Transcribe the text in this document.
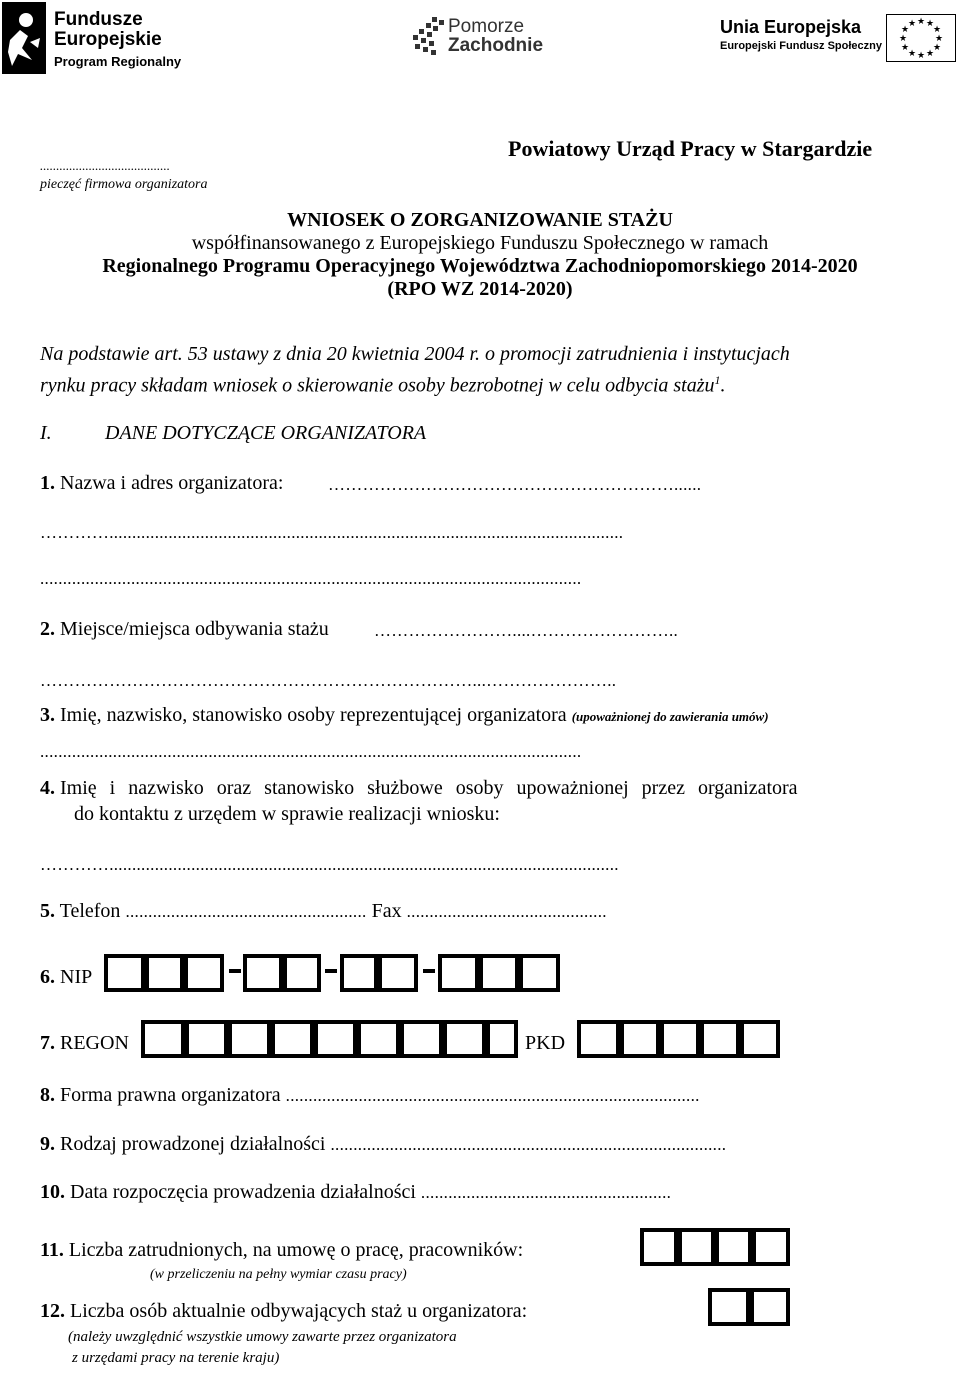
Fundusze
Europejskie
Program Regionalny
Pomorze
Zachodnie
Unia Europejska
Europejski Fundusz Społeczny
★ ★
★
★
★
★
★
★
★
★
★
★
........................................
pieczęć firmowa organizatora
Powiatowy Urząd Pracy w Stargardzie
WNIOSEK O ZORGANIZOWANIE STAŻU
współfinansowanego z Europejskiego Funduszu Społecznego w ramach
Regionalnego Programu Operacyjnego Województwa Zachodniopomorskiego 2014-2020
(RPO WZ 2014-2020)
Na podstawie art. 53 ustawy z dnia 20 kwietnia 2004 r. o promocji zatrudnienia i instytucjach
rynku pracy składam wniosek o skierowanie osoby bezrobotnej w celu odbycia stażu$^1$.
I.	DANE DOTYCZĄCE ORGANIZATORA
1. Nazwa i adres organizatora:	……………………………………………………......
………….................................................................................................................
.......................................................................................................................
2. Miejsce/miejsca odbywania stażu	……………………....……………………..
…………………………………………………………………...…………………..
3. Imię, nazwisko, stanowisko osoby reprezentującej organizatora (upoważnionej do zawierania umów)
.......................................................................................................................
4. Imię i nazwisko oraz stanowisko służbowe osoby upoważnionej przez organizatora
do kontaktu z urzędem w sprawie realizacji wniosku:
…………................................................................................................................
5. Telefon ..................................................... Fax ............................................
6. NIP
7. REGON	PKD
8. Forma prawna organizatora ...........................................................................................
9. Rodzaj prowadzonej działalności .......................................................................................
10. Data rozpoczęcia prowadzenia działalności .......................................................
11. Liczba zatrudnionych, na umowę o pracę, pracowników:
(w przeliczeniu na pełny wymiar czasu pracy)
12. Liczba osób aktualnie odbywających staż u organizatora:
(należy uwzględnić wszystkie umowy zawarte przez organizatora
z urzędami pracy na terenie kraju)
